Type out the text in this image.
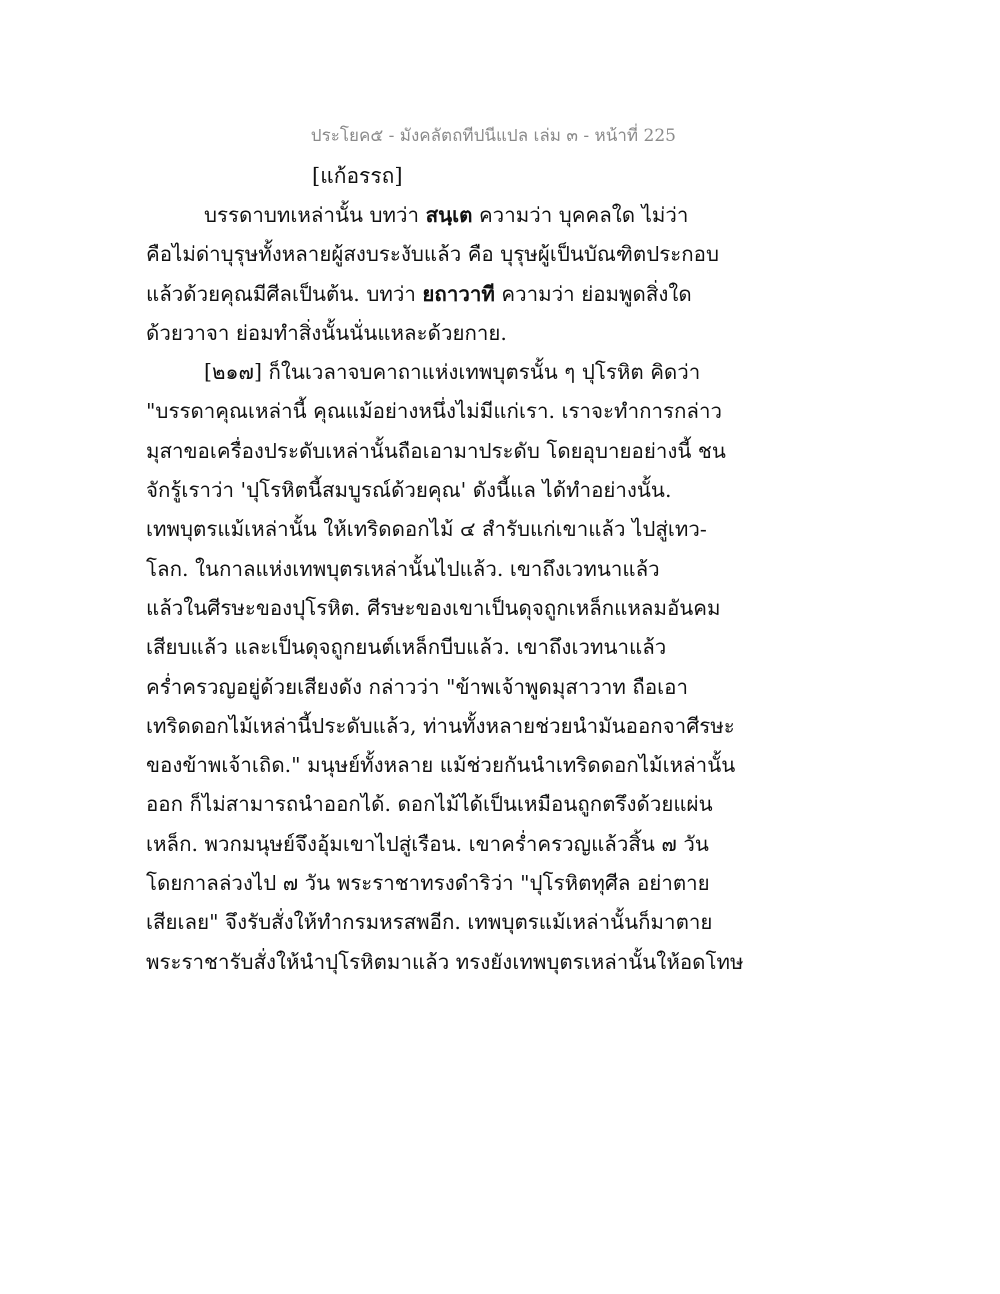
ประโยค๕ - มังคลัตถทีปนีแปล เล่ม ๓ - หน้าที่ 225
[แก้อรรถ]
บรรดาบทเหล่านั้น บทว่า สนฺเต ความว่า บุคคลใด ไม่ว่า
คือไม่ด่าบุรุษทั้งหลายผู้สงบระงับแล้ว คือ บุรุษผู้เป็นบัณฑิตประกอบ
แล้วด้วยคุณมีศีลเป็นต้น. บทว่า ยถาวาที ความว่า ย่อมพูดสิ่งใด
ด้วยวาจา ย่อมทำสิ่งนั้นนั่นแหละด้วยกาย.
[๒๑๗] ก็ในเวลาจบคาถาแห่งเทพบุตรนั้น ๆ ปุโรหิต คิดว่า
"บรรดาคุณเหล่านี้ คุณแม้อย่างหนึ่งไม่มีแก่เรา. เราจะทำการกล่าว
มุสาขอเครื่องประดับเหล่านั้นถือเอามาประดับ โดยอุบายอย่างนี้ ชน
จักรู้เราว่า 'ปุโรหิตนี้สมบูรณ์ด้วยคุณ' ดังนี้แล ได้ทำอย่างนั้น.
เทพบุตรแม้เหล่านั้น ให้เทริดดอกไม้ ๔ สำรับแก่เขาแล้ว ไปสู่เทว-
โลก. ในกาลแห่งเทพบุตรเหล่านั้นไปแล้ว. เขาถึงเวทนาแล้ว
แล้วในศีรษะของปุโรหิต. ศีรษะของเขาเป็นดุจถูกเหล็กแหลมอันคม
เสียบแล้ว และเป็นดุจถูกยนต์เหล็กบีบแล้ว. เขาถึงเวทนาแล้ว
คร่ำครวญอยู่ด้วยเสียงดัง กล่าวว่า "ข้าพเจ้าพูดมุสาวาท ถือเอา
เทริดดอกไม้เหล่านี้ประดับแล้ว, ท่านทั้งหลายช่วยนำมันออกจาศีรษะ
ของข้าพเจ้าเถิด." มนุษย์ทั้งหลาย แม้ช่วยกันนำเทริดดอกไม้เหล่านั้น
ออก ก็ไม่สามารถนำออกได้. ดอกไม้ได้เป็นเหมือนถูกตรึงด้วยแผ่น
เหล็ก. พวกมนุษย์จึงอุ้มเขาไปสู่เรือน. เขาคร่ำครวญแล้วสิ้น ๗ วัน
โดยกาลล่วงไป ๗ วัน พระราชาทรงดำริว่า "ปุโรหิตทุศีล อย่าตาย
เสียเลย" จึงรับสั่งให้ทำกรมหรสพอีก. เทพบุตรแม้เหล่านั้นก็มาตาย
พระราชารับสั่งให้นำปุโรหิตมาแล้ว ทรงยังเทพบุตรเหล่านั้นให้อดโทษ
